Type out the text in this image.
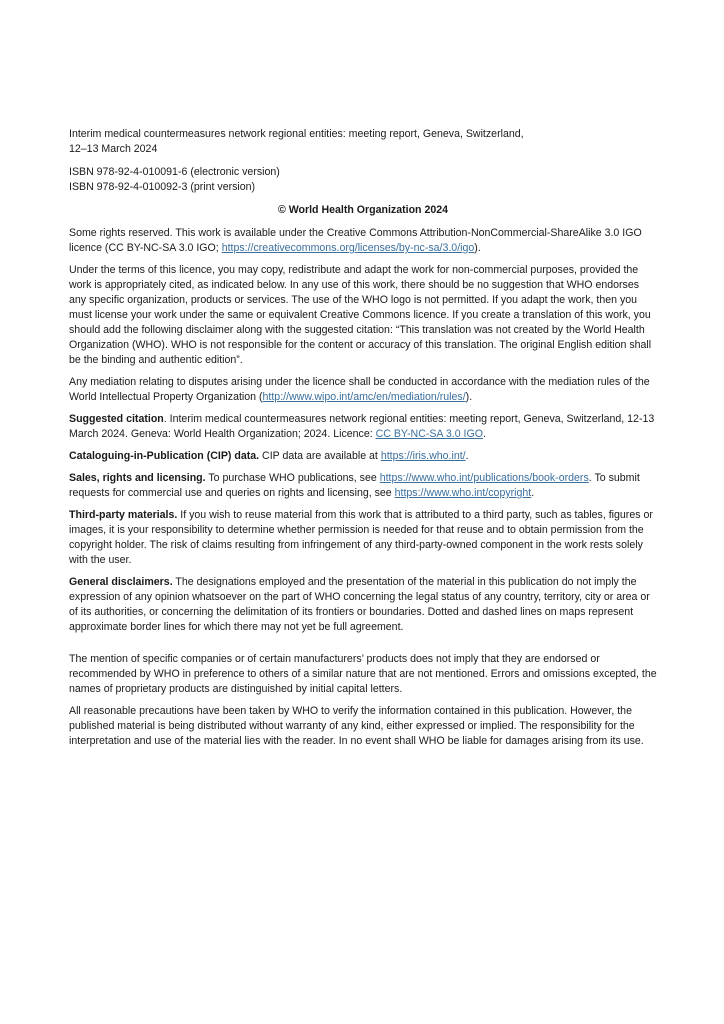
Interim medical countermeasures network regional entities: meeting report, Geneva, Switzerland,
12–13 March 2024
ISBN 978-92-4-010091-6 (electronic version)
ISBN 978-92-4-010092-3 (print version)
© World Health Organization 2024

Some rights reserved. This work is available under the Creative Commons Attribution-NonCommercial-ShareAlike 3.0 IGO licence (CC BY-NC-SA 3.0 IGO; https://creativecommons.org/licenses/by-nc-sa/3.0/igo).

Under the terms of this licence, you may copy, redistribute and adapt the work for non-commercial purposes, provided the work is appropriately cited, as indicated below. In any use of this work, there should be no suggestion that WHO endorses any specific organization, products or services. The use of the WHO logo is not permitted. If you adapt the work, then you must license your work under the same or equivalent Creative Commons licence. If you create a translation of this work, you should add the following disclaimer along with the suggested citation: “This translation was not created by the World Health Organization (WHO). WHO is not responsible for the content or accuracy of this translation. The original English edition shall be the binding and authentic edition”.

Any mediation relating to disputes arising under the licence shall be conducted in accordance with the mediation rules of the World Intellectual Property Organization (http://www.wipo.int/amc/en/mediation/rules/).

Suggested citation. Interim medical countermeasures network regional entities: meeting report, Geneva, Switzerland, 12-13 March 2024. Geneva: World Health Organization; 2024. Licence: CC BY-NC-SA 3.0 IGO.

Cataloguing-in-Publication (CIP) data. CIP data are available at https://iris.who.int/.

Sales, rights and licensing. To purchase WHO publications, see https://www.who.int/publications/book-orders. To submit requests for commercial use and queries on rights and licensing, see https://www.who.int/copyright.

Third-party materials. If you wish to reuse material from this work that is attributed to a third party, such as tables, figures or images, it is your responsibility to determine whether permission is needed for that reuse and to obtain permission from the copyright holder. The risk of claims resulting from infringement of any third-party-owned component in the work rests solely with the user.

General disclaimers. The designations employed and the presentation of the material in this publication do not imply the expression of any opinion whatsoever on the part of WHO concerning the legal status of any country, territory, city or area or of its authorities, or concerning the delimitation of its frontiers or boundaries. Dotted and dashed lines on maps represent approximate border lines for which there may not yet be full agreement.

The mention of specific companies or of certain manufacturers’ products does not imply that they are endorsed or recommended by WHO in preference to others of a similar nature that are not mentioned. Errors and omissions excepted, the names of proprietary products are distinguished by initial capital letters.

All reasonable precautions have been taken by WHO to verify the information contained in this publication. However, the published material is being distributed without warranty of any kind, either expressed or implied. The responsibility for the interpretation and use of the material lies with the reader. In no event shall WHO be liable for damages arising from its use.
